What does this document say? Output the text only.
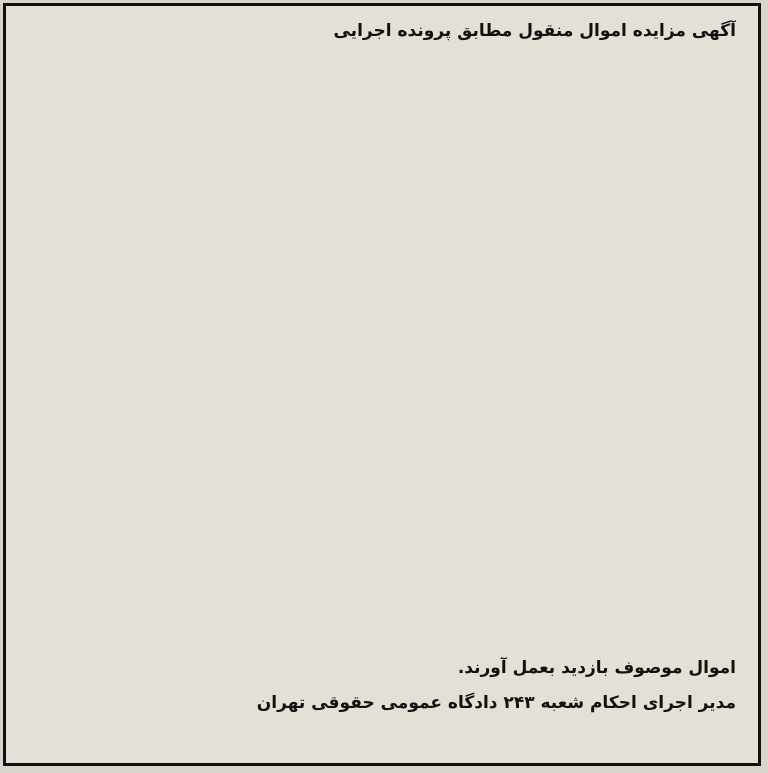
آگهی مزایده اموال منقول مطابق پرونده اجرایی
اموال موصوف بازدید بعمل آورند.
مدیر اجرای احکام شعبه ۲۴۳ دادگاه عمومی حقوقی تهران
